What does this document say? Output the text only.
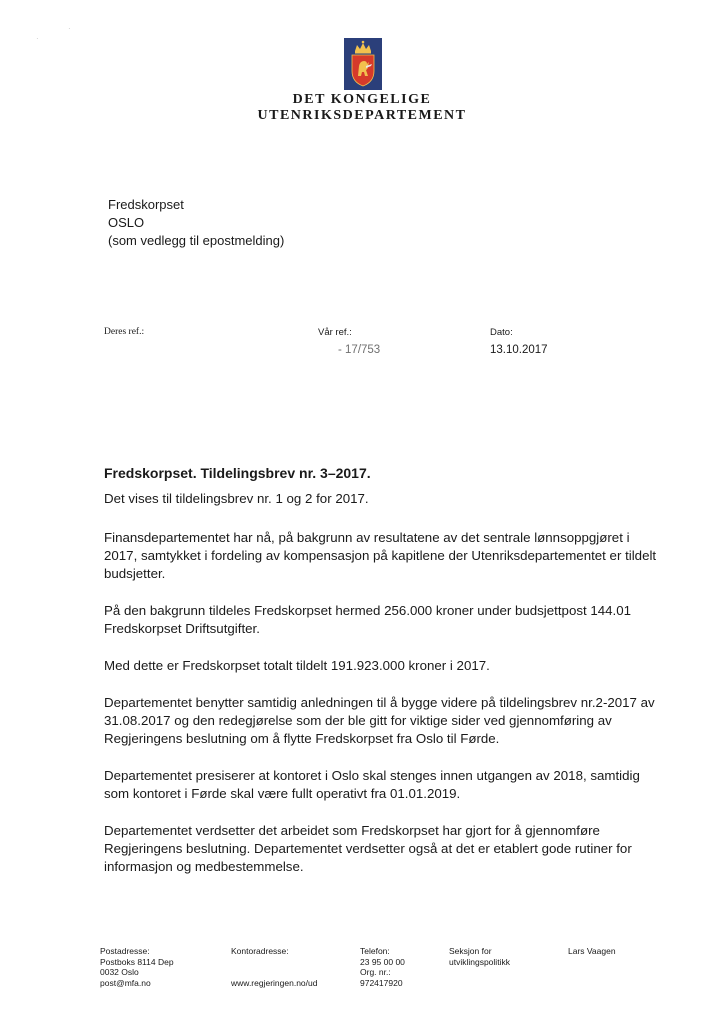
·
·
DET KONGELIGE
UTENRIKSDEPARTEMENT
Fredskorpset
OSLO
(som vedlegg til epostmelding)
Deres ref.:	Vår ref.:
- 17/753
Dato:
13.10.2017
Fredskorpset. Tildelingsbrev nr. 3–2017.
Det vises til tildelingsbrev nr. 1 og 2 for 2017.
Finansdepartementet har nå, på bakgrunn av resultatene av det sentrale lønnsoppgjøret i 2017, samtykket i fordeling av kompensasjon på kapitlene der Utenriksdepartementet er tildelt budsjetter.
På den bakgrunn tildeles Fredskorpset hermed 256.000 kroner under budsjettpost 144.01 Fredskorpset Driftsutgifter.
Med dette er Fredskorpset totalt tildelt 191.923.000 kroner i 2017.
Departementet benytter samtidig anledningen til å bygge videre på tildelingsbrev nr.2-2017 av 31.08.2017 og den redegjørelse som der ble gitt for viktige sider ved gjennomføring av Regjeringens beslutning om å flytte Fredskorpset fra Oslo til Førde.
Departementet presiserer at kontoret i Oslo skal stenges innen utgangen av 2018, samtidig som kontoret i Førde skal være fullt operativt fra 01.01.2019.
Departementet verdsetter det arbeidet som Fredskorpset har gjort for å gjennomføre Regjeringens beslutning. Departementet verdsetter også at det er etablert gode rutiner for informasjon og medbestemmelse.
Postadresse:
Postboks 8114 Dep
0032 Oslo
post@mfa.no
Kontoradresse:
www.regjeringen.no/ud
Telefon:
23 95 00 00
Org. nr.:
972417920
Seksjon for
utviklingspolitikk
Lars Vaagen
